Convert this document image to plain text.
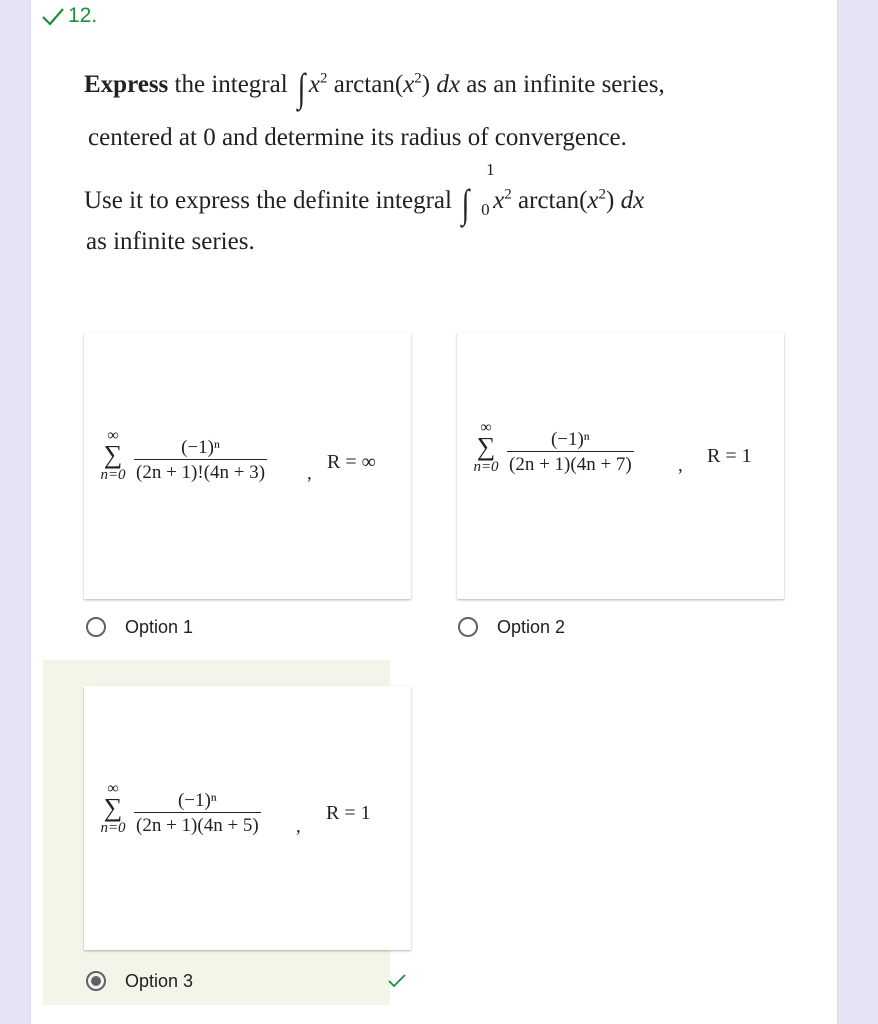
12.
Express the integral ∫ $x^2$ $\arctan(x^2)$ dx as an infinite series,
centered at 0 and determine its radius of convergence.
Use it to express the definite integral ∫
1
0 $x^2$ $\arctan(x^2)$ dx
as infinite series.
∞
∑
$n=0 \frac{\text{(−1)ⁿ}}{(2n + 1)!(4n + 3)}$ ,
R = ∞
∞
∑
$n=0 \frac{\text{(−1)ⁿ}}{(2n + 1)(4n + 7)}$ , R = 1
Option 1	Option 2
∞
∑
$n=0 \frac{\text{(−1)ⁿ}}{(2n + 1)(4n + 5)}$ ,
R = 1
Option 3
